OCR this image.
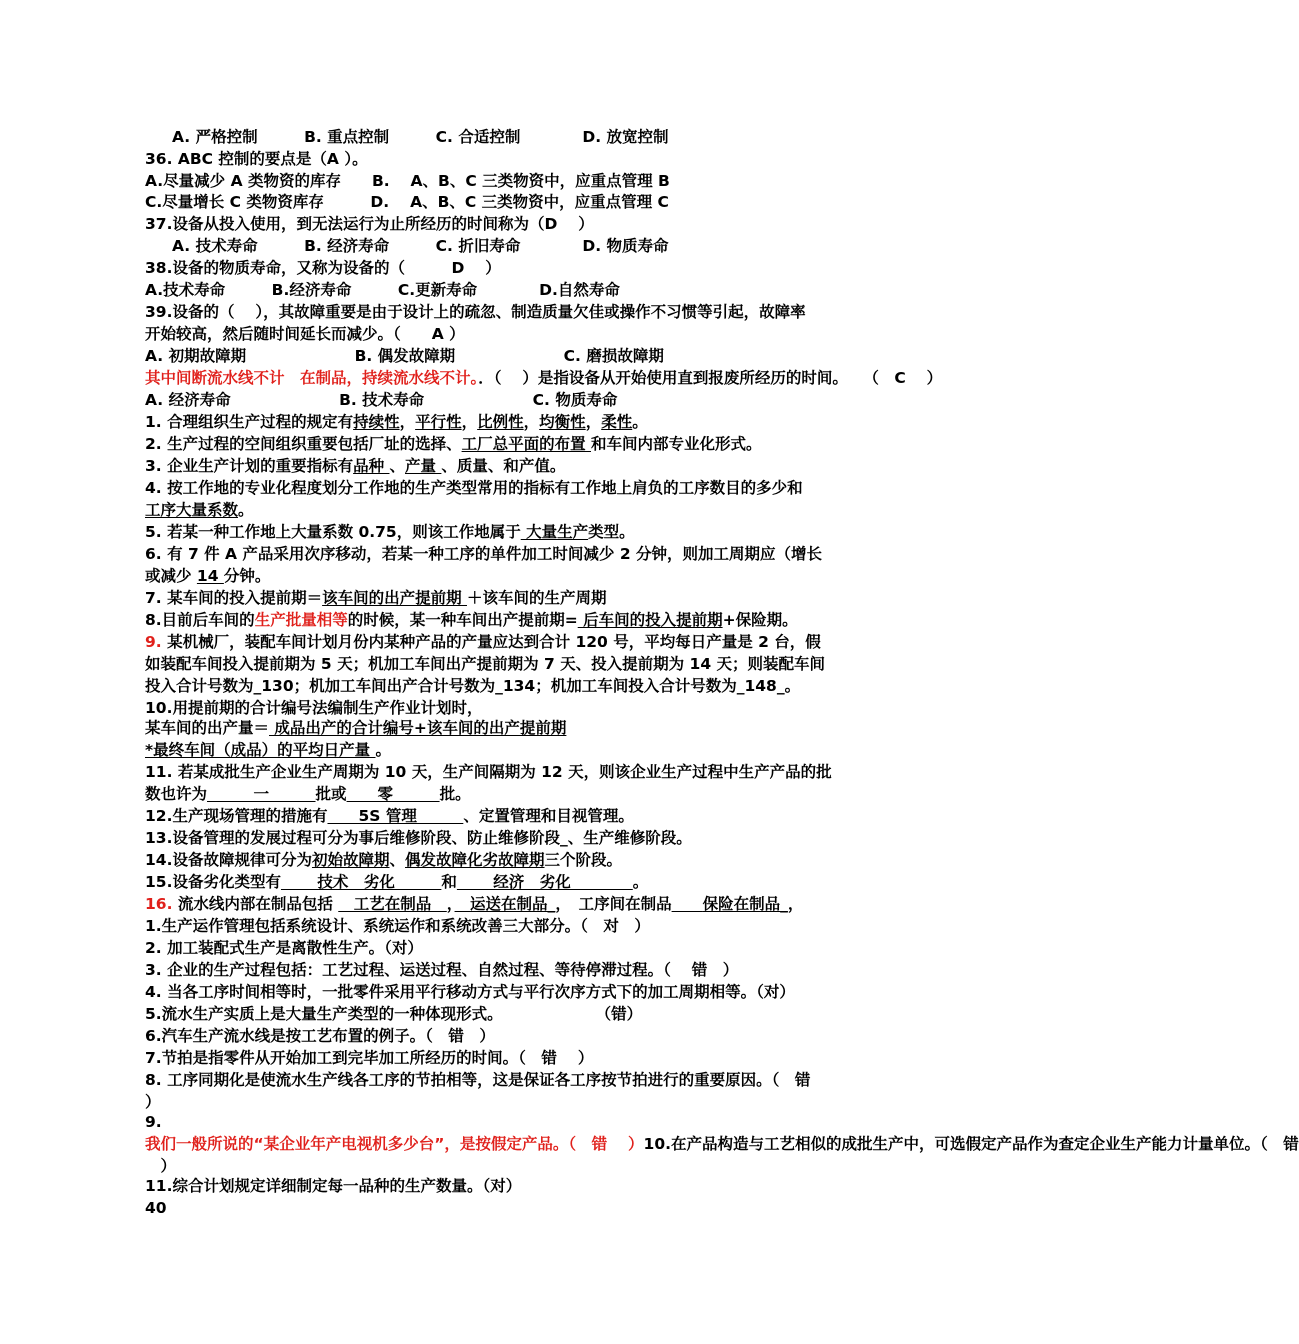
A. 严格控制　　　B. 重点控制　　　C. 合适控制　　　　D. 放宽控制
36. ABC 控制的要点是（A ）。
A.尽量减少 A 类物资的库存　　B.　 A、B、C 三类物资中，应重点管理 B
C.尽量增长 C 类物资库存　　　D.　 A、B、C 三类物资中，应重点管理 C
37.设备从投入使用，到无法运行为止所经历的时间称为（D　 ）
A. 技术寿命　　　B. 经济寿命　　　C. 折旧寿命　　　　D. 物质寿命
38.设备的物质寿命，又称为设备的（　　　D　 ）
A.技术寿命　　　B.经济寿命　　　C.更新寿命　　　　D.自然寿命
39.设备的（　 ），其故障重要是由于设计上的疏忽、制造质量欠佳或操作不习惯等引起，故障率
开始较高，然后随时间延长而减少。（　　A ）
A. 初期故障期　　　　　　　B. 偶发故障期　　　　　　　C. 磨损故障期
其中间断流水线不计　在制品，持续流水线不计。．（　 ）是指设备从开始使用直到报废所经历的时间。　　（　C　 ）
A. 经济寿命　　　　　　　B. 技术寿命　　　　　　　C. 物质寿命
1. 合理组织生产过程的规定有持续性，平行性，比例性，均衡性，柔性。
2. 生产过程的空间组织重要包括厂址的选择、工厂总平面的布置 和车间内部专业化形式。
3. 企业生产计划的重要指标有品种 、产量 、质量、和产值。
4. 按工作地的专业化程度划分工作地的生产类型常用的指标有工作地上肩负的工序数目的多少和
工序大量系数。
5. 若某一种工作地上大量系数 0.75，则该工作地属于 大量生产类型。
6. 有 7 件 A 产品采用次序移动，若某一种工序的单件加工时间减少 2 分钟，则加工周期应（增长
或减少 14 分钟。
7. 某车间的投入提前期＝该车间的出产提前期 ＋该车间的生产周期
8.目前后车间的生产批量相等的时候，某一种车间出产提前期= 后车间的投入提前期+保险期。
9. 某机械厂，装配车间计划月份内某种产品的产量应达到合计 120 号，平均每日产量是 2 台，假
如装配车间投入提前期为 5 天；机加工车间出产提前期为 7 天、投入提前期为 14 天；则装配车间
投入合计号数为_130；机加工车间出产合计号数为_134；机加工车间投入合计号数为_148_。
10.用提前期的合计编号法编制生产作业计划时，
某车间的出产量＝ 成品出产的合计编号+该车间的出产提前期
*最终车间（成品）的平均日产量 。
11. 若某成批生产企业生产周期为 10 天，生产间隔期为 12 天，则该企业生产过程中生产产品的批
数也许为　　　一　　　批或　　零　　　批。
12.生产现场管理的措施有　　5S 管理　　　、定置管理和目视管理。
13.设备管理的发展过程可分为事后维修阶段、防止维修阶段_、生产维修阶段。
14.设备故障规律可分为初始故障期、偶发故障化劣故障期三个阶段。
15.设备劣化类型有　　 技术　劣化　　　和　　 经济　劣化　　　　。
16. 流水线内部在制品包括 　工艺在制品　，　运送在制品_，　工序间在制品　　 保险在制品_，
1.生产运作管理包括系统设计、系统运作和系统改善三大部分。（　对　）
2. 加工装配式生产是离散性生产。（对）
3. 企业的生产过程包括：工艺过程、运送过程、自然过程、等待停滞过程。（　 错　）
4. 当各工序时间相等时，一批零件采用平行移动方式与平行次序方式下的加工周期相等。（对）
5.流水生产实质上是大量生产类型的一种体现形式。　　　　　　　（错）
6.汽车生产流水线是按工艺布置的例子。（　错　）
7.节拍是指零件从开始加工到完毕加工所经历的时间。（　错　 ）
8. 工序同期化是使流水生产线各工序的节拍相等，这是保证各工序按节拍进行的重要原因。（　错
）
9.
我们一般所说的“某企业年产电视机多少台”，是按假定产品。（　错　 ）10.在产品构造与工艺相似的成批生产中，可选假定产品作为查定企业生产能力计量单位。（　错
　）
11.综合计划规定详细制定每一品种的生产数量。（对）
40
